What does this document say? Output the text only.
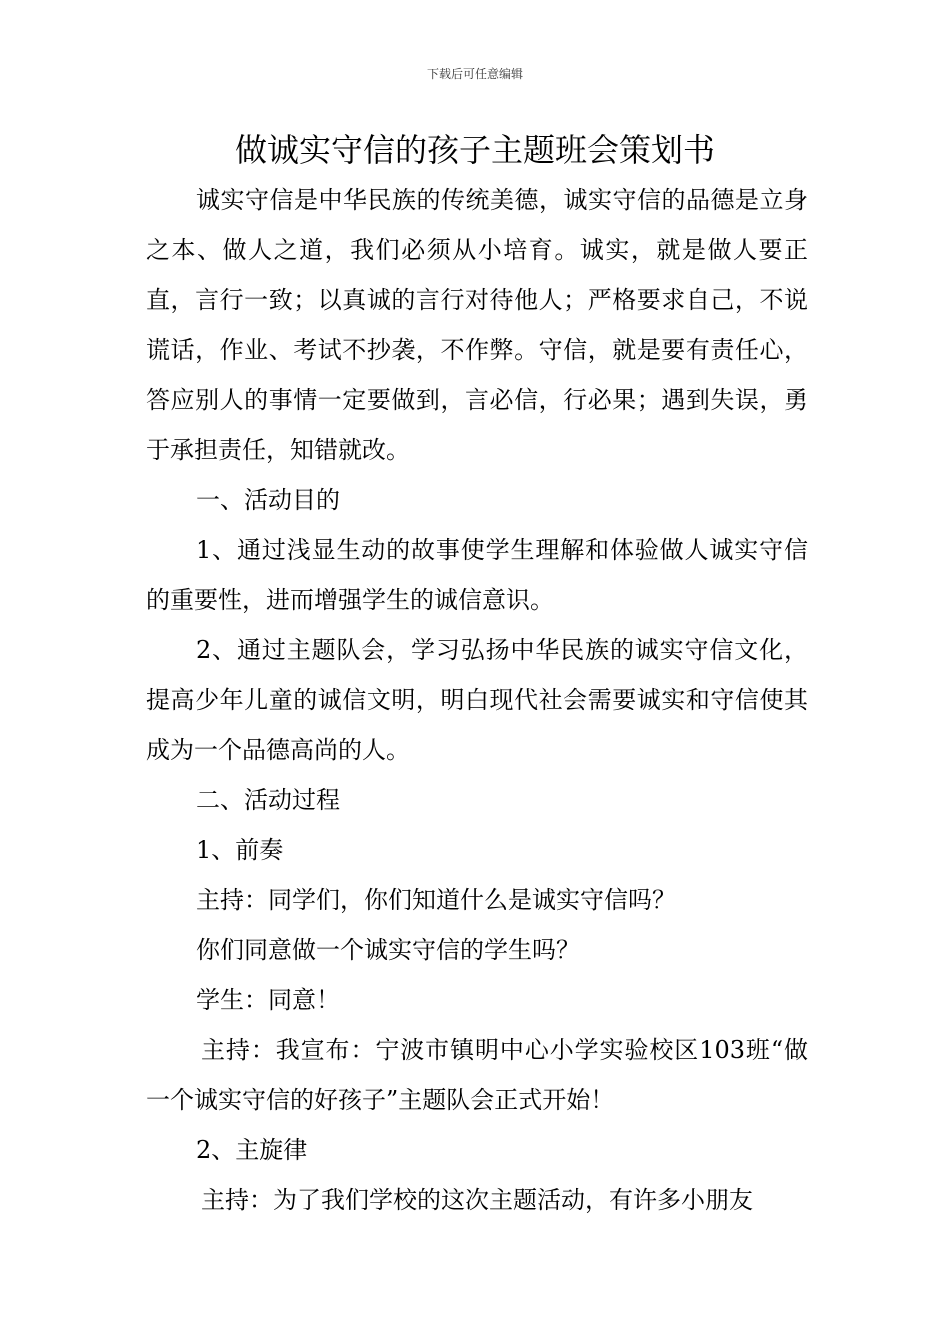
下载后可任意编辑
做诚实守信的孩子主题班会策划书

诚实守信是中华民族的传统美德，诚实守信的品德是立身之本、做人之道，我们必须从小培育。诚实，就是做人要正直，言行一致；以真诚的言行对待他人；严格要求自己，不说谎话，作业、考试不抄袭，不作弊。守信，就是要有责任心，答应别人的事情一定要做到，言必信，行必果；遇到失误，勇于承担责任，知错就改。

一、活动目的

1、通过浅显生动的故事使学生理解和体验做人诚实守信的重要性，进而增强学生的诚信意识。

2、通过主题队会，学习弘扬中华民族的诚实守信文化，提高少年儿童的诚信文明，明白现代社会需要诚实和守信使其成为一个品德高尚的人。

二、活动过程

1、前奏

主持：同学们，你们知道什么是诚实守信吗？

你们同意做一个诚实守信的学生吗？

学生：同意！

主持：我宣布：宁波市镇明中心小学实验校区103班“做一个诚实守信的好孩子”主题队会正式开始！

2、主旋律

主持：为了我们学校的这次主题活动，有许多小朋友
